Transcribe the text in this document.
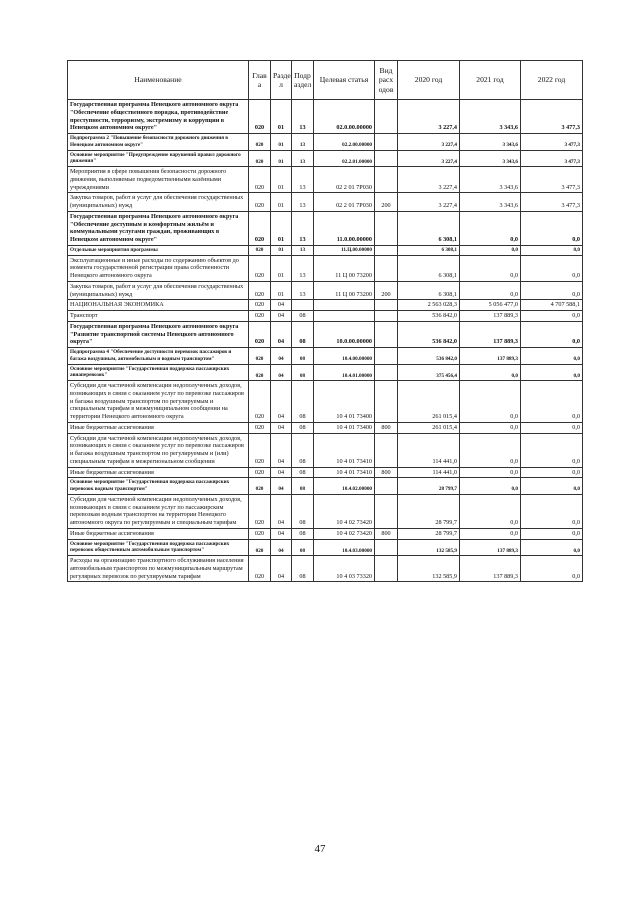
Наименование	Глав а	Разде л	Подр аздел	Целевая статья	Вид расх одов	2020 год	2021 год	2022 год
Государственная программа Ненецкого автономного округа "Обеспечение общественного порядка, противодействие преступности, терроризму, экстремизму и коррупции в Ненецком автономном округе"	020	01	13	02.0.00.00000		3 227,4	3 343,6	3 477,3
Подпрограмма 2 "Повышение безопасности дорожного движения в Ненецком автономном округе"	020	01	13	02.2.00.00000		3 227,4	3 343,6	3 477,3
Основное мероприятие "Предупреждение нарушений правил дорожного движения"	020	01	13	02.2.01.00000		3 227,4	3 343,6	3 477,3
Мероприятия в сфере повышения безопасности дорожного движения, выполняемые подведомственными казёнными учреждениями	020	01	13	02 2 01 7Р030		3 227,4	3 343,6	3 477,3
Закупка товаров, работ и услуг для обеспечения государственных (муниципальных) нужд	020	01	13	02 2 01 7Р030	200	3 227,4	3 343,6	3 477,3
Государственная программа Ненецкого автономного округа "Обеспечение доступным и комфортным жильём и коммунальными услугами граждан, проживающих в Ненецком автономном округе"	020	01	13	11.0.00.00000		6 308,1	0,0	0,0
Отдельные мероприятия программы	020	01	13	11.Ц.00.00000		6 308,1	0,0	0,0
Эксплуатационные и иные расходы по содержанию объектов до момента государственной регистрации права собственности Ненецкого автономного округа	020	01	13	11 Ц 00 73200		6 308,1	0,0	0,0
Закупка товаров, работ и услуг для обеспечения государственных (муниципальных) нужд	020	01	13	11 Ц 00 73200	200	6 308,1	0,0	0,0
НАЦИОНАЛЬНАЯ ЭКОНОМИКА	020	04				2 563 028,3	5 056 477,0	4 707 588,1
Транспорт	020	04	08			536 842,0	137 889,3	0,0
Государственная программа Ненецкого автономного округа "Развитие транспортной системы Ненецкого автономного округа"	020	04	08	10.0.00.00000		536 842,0	137 889,3	0,0
Подпрограмма 4 "Обеспечение доступности перевозок пассажиров и багажа воздушным, автомобильным и водным транспортом"	020	04	08	10.4.00.00000		536 842,0	137 889,3	0,0
Основное мероприятие "Государственная поддержка пассажирских авиаперевозок"	020	04	08	10.4.01.00000		375 456,4	0,0	0,0
Субсидии для частичной компенсации недополученных доходов, возникающих в связи с оказанием услуг по перевозке пассажиров и багажа воздушным транспортом по регулируемым и специальным тарифам в межмуниципальном сообщении на территории Ненецкого автономного округа	020	04	08	10 4 01 73400		261 015,4	0,0	0,0
Иные бюджетные ассигнования	020	04	08	10 4 01 73400	800	261 015,4	0,0	0,0
Субсидии для частичной компенсации недополученных доходов, возникающих в связи с оказанием услуг по перевозке пассажиров и багажа воздушным транспортом по регулируемым и (или) специальным тарифам в межрегиональном сообщении	020	04	08	10 4 01 73410		114 441,0	0,0	0,0
Иные бюджетные ассигнования	020	04	08	10 4 01 73410	800	114 441,0	0,0	0,0
Основное мероприятие "Государственная поддержка пассажирских перевозок водным транспортом"	020	04	08	10.4.02.00000		28 799,7	0,0	0,0
Субсидии для частичной компенсации недополученных доходов, возникающих в связи с оказанием услуг по пассажирским перевозкам водным транспортом на территории Ненецкого автономного округа по регулируемым и специальным тарифам	020	04	08	10 4 02 73420		28 799,7	0,0	0,0
Иные бюджетные ассигнования	020	04	08	10 4 02 73420	800	28 799,7	0,0	0,0
Основное мероприятие "Государственная поддержка пассажирских перевозок общественным автомобильным транспортом"	020	04	08	10.4.03.00000		132 585,9	137 889,3	0,0
Расходы на организацию транспортного обслуживания населения автомобильным транспортом по межмуниципальным маршрутам регулярных перевозок по регулируемым тарифам	020	04	08	10 4 03 73320		132 585,9	137 889,3	0,0
47
